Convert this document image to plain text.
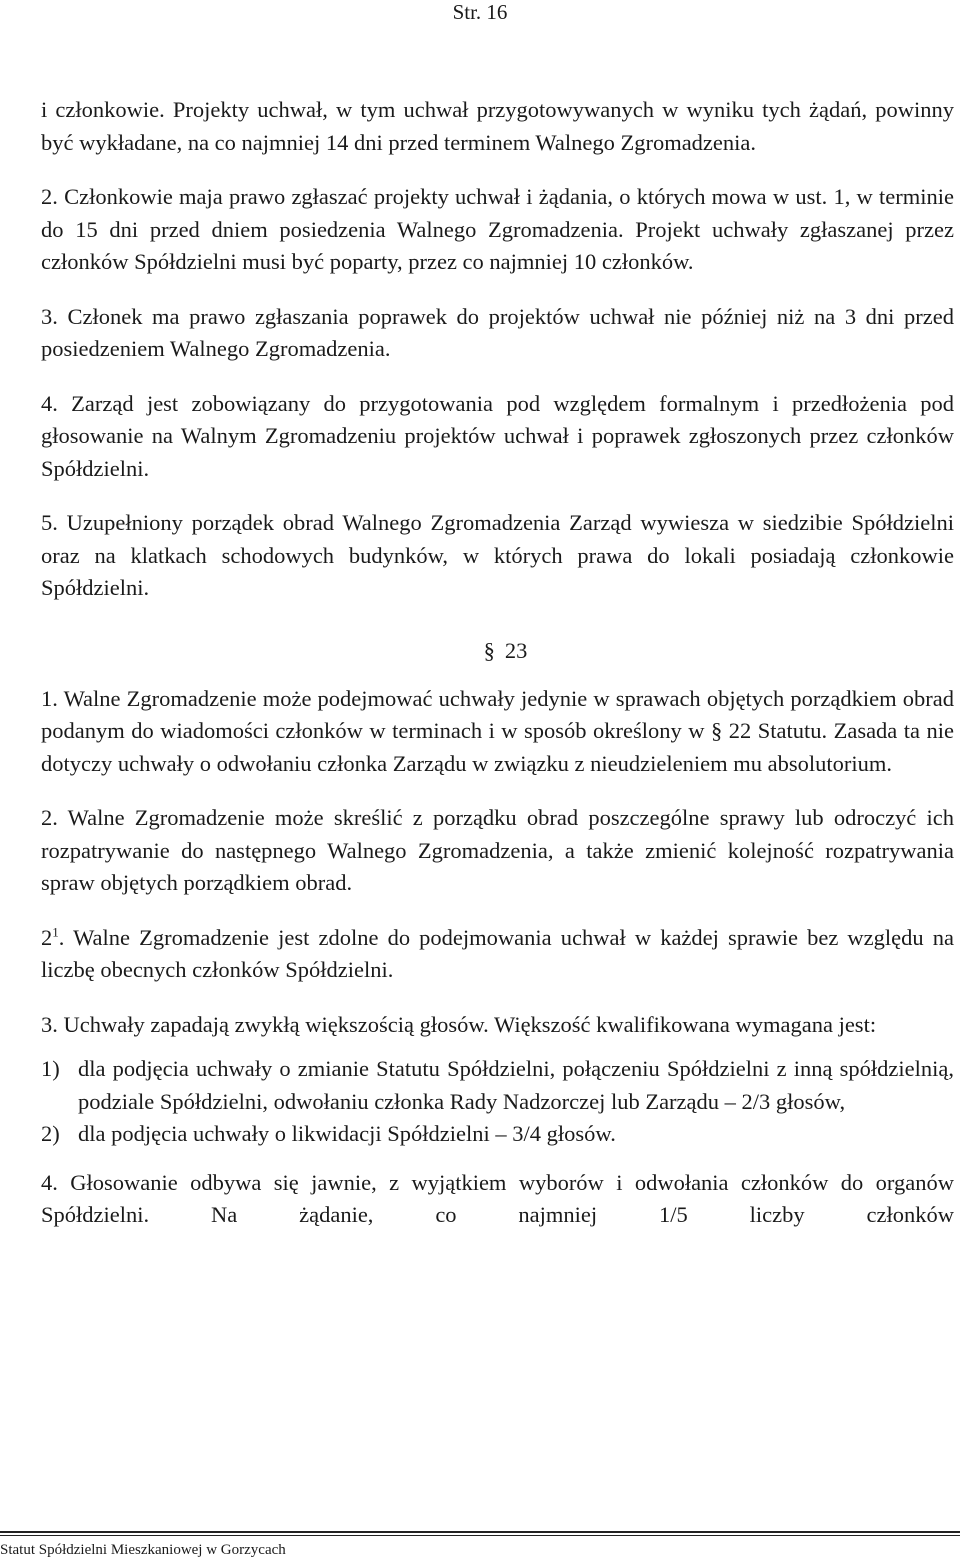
Str. 16

i członkowie. Projekty uchwał, w tym uchwał przygotowywanych w wyniku tych żądań, powinny być wykładane, na co najmniej 14 dni przed terminem Walnego Zgromadzenia.

2. Członkowie maja prawo zgłaszać projekty uchwał i żądania, o których mowa w ust. 1, w terminie do 15 dni przed dniem posiedzenia Walnego Zgromadzenia. Projekt uchwały zgłaszanej przez członków Spółdzielni musi być poparty, przez co najmniej 10 członków.

3. Członek ma prawo zgłaszania poprawek do projektów uchwał nie później niż na 3 dni przed posiedzeniem Walnego Zgromadzenia.

4. Zarząd jest zobowiązany do przygotowania pod względem formalnym i przedłożenia pod głosowanie na Walnym Zgromadzeniu projektów uchwał i poprawek zgłoszonych przez członków Spółdzielni.

5. Uzupełniony porządek obrad Walnego Zgromadzenia Zarząd wywiesza w siedzibie Spółdzielni oraz na klatkach schodowych budynków, w których prawa do lokali posiadają członkowie Spółdzielni.

§ 23

1. Walne Zgromadzenie może podejmować uchwały jedynie w sprawach objętych porządkiem obrad podanym do wiadomości członków w terminach i w sposób określony w § 22 Statutu. Zasada ta nie dotyczy uchwały o odwołaniu członka Zarządu w związku z nieudzieleniem mu absolutorium.

2. Walne Zgromadzenie może skreślić z porządku obrad poszczególne sprawy lub odroczyć ich rozpatrywanie do następnego Walnego Zgromadzenia, a także zmienić kolejność rozpatrywania spraw objętych porządkiem obrad.

$2^1$. Walne Zgromadzenie jest zdolne do podejmowania uchwał w każdej sprawie bez względu na liczbę obecnych członków Spółdzielni.

3. Uchwały zapadają zwykłą większością głosów. Większość kwalifikowana wymagana jest:

1) dla podjęcia uchwały o zmianie Statutu Spółdzielni, połączeniu Spółdzielni z inną spółdzielnią, podziale Spółdzielni, odwołaniu członka Rady Nadzorczej lub Zarządu – 2/3 głosów,
2) dla podjęcia uchwały o likwidacji Spółdzielni – 3/4 głosów.

4. Głosowanie odbywa się jawnie, z wyjątkiem wyborów i odwołania członków do organów Spółdzielni. Na żądanie, co najmniej 1/5 liczby członków

Statut Spółdzielni Mieszkaniowej w Gorzycach
